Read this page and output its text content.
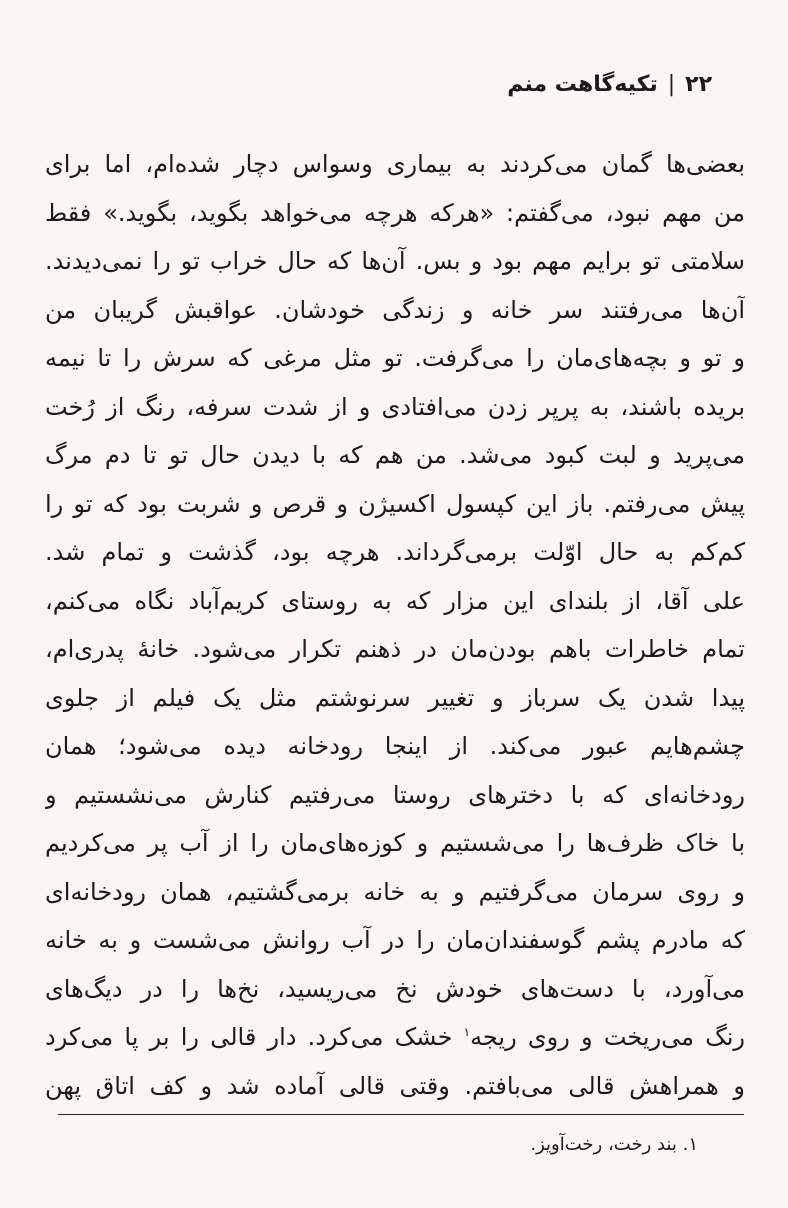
۲۲|تکیه‌گاهت منم
بعضی‌ها گمان می‌کردند به بیماری وسواس دچار شده‌ام، اما برای
من مهم نبود، می‌گفتم: «هرکه هرچه می‌خواهد بگوید، بگوید.» فقط
سلامتی تو برایم مهم بود و بس. آن‌ها که حال خراب تو را نمی‌دیدند.
آن‌ها می‌رفتند سر خانه و زندگی خودشان. عواقبش گریبان من
و تو و بچه‌های‌مان را می‌گرفت. تو مثل مرغی که سرش را تا نیمه
بریده باشند، به پرپر زدن می‌افتادی و از شدت سرفه، رنگ از رُخت
می‌پرید و لبت کبود می‌شد. من هم که با دیدن حال تو تا دم مرگ
پیش می‌رفتم. باز این کپسول اکسیژن و قرص و شربت بود که تو را
کم‌کم به حال اوّلت برمی‌گرداند. هرچه بود، گذشت و تمام شد.
علی آقا، از بلندای این مزار که به روستای کریم‌آباد نگاه می‌کنم،
تمام خاطرات باهم بودن‌مان در ذهنم تکرار می‌شود. خانهٔ پدری‌ام،
پیدا شدن یک سرباز و تغییر سرنوشتم مثل یک فیلم از جلوی
چشم‌هایم عبور می‌کند. از اینجا رودخانه دیده می‌شود؛ همان
رودخانه‌ای که با دخترهای روستا می‌رفتیم کنارش می‌نشستیم و
با خاک ظرف‌ها را می‌شستیم و کوزه‌های‌مان را از آب پر می‌کردیم
و روی سرمان می‌گرفتیم و به خانه برمی‌گشتیم، همان رودخانه‌ای
که مادرم پشم گوسفندان‌مان را در آب روانش می‌شست و به خانه
می‌آورد، با دست‌های خودش نخ می‌ریسید، نخ‌ها را در دیگ‌های
رنگ می‌ریخت و روی ریجه$^۱$ خشک می‌کرد. دار قالی را بر پا می‌کرد
و همراهش قالی می‌بافتم. وقتی قالی آماده شد و کف اتاق پهن
۱. بند رخت، رخت‌آویز.
